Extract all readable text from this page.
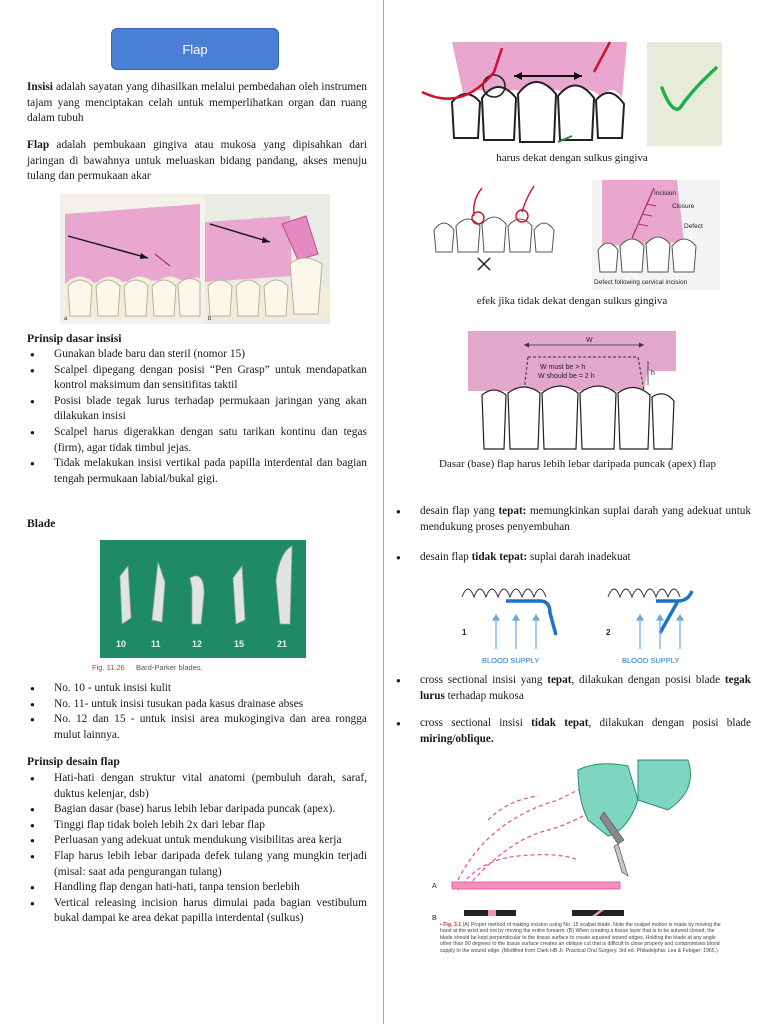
Flap
Insisi adalah sayatan yang dihasilkan melalui pembedahan oleh instrumen tajam yang menciptakan celah untuk memperlihatkan organ dan ruang dalam tubuh
Flap adalah pembukaan gingiva atau mukosa yang dipisahkan dari jaringan di bawahnya untuk meluaskan bidang pandang, akses menuju tulang dan permukaan akar
a	b
Prinsip dasar insisi
● Gunakan blade baru dan steril (nomor 15)
● Scalpel dipegang dengan posisi “Pen Grasp” untuk mendapatkan kontrol maksimum dan sensitifitas taktil
● Posisi blade tegak lurus terhadap permukaan jaringan yang akan dilakukan insisi
● Scalpel harus digerakkan dengan satu tarikan kontinu dan tegas (firm), agar tidak timbul jejas.
● Tidak melakukan insisi vertikal pada papilla interdental dan bagian tengah permukaan labial/bukal gigi.
Blade
10	11	12	15	21
Fig. 11.26 Bard-Parker blades.
● No. 10 - untuk insisi kulit
● No. 11- untuk insisi tusukan pada kasus drainase abses
● No. 12 dan 15 - untuk insisi area mukogingiva dan area rongga mulut lainnya.
Prinsip desain flap
● Hati-hati dengan struktur vital anatomi (pembuluh darah, saraf, duktus kelenjar, dsb)
● Bagian dasar (base) harus lebih lebar daripada puncak (apex).
● Tinggi flap tidak boleh lebih 2x dari lebar flap
● Perluasan yang adekuat untuk mendukung visibilitas area kerja
● Flap harus lebih lebar daripada defek tulang yang mungkin terjadi (misal: saat ada pengurangan tulang)
● Handling flap dengan hati-hati, tanpa tension berlebih
● Vertical releasing incision harus dimulai pada bagian vestibulum bukal dampai ke area dekat papilla interdental (sulkus)
harus dekat dengan sulkus gingiva
Incision
Closure
Defect
Defect following cervical incision
efek jika tidak dekat dengan sulkus gingiva
W
W must be > h
W should be = 2 h	h
Dasar (base) flap harus lebih lebar daripada puncak (apex) flap
● desain flap yang tepat: memungkinkan suplai darah yang adekuat untuk mendukung proses penyembuhan
● desain flap tidak tepat: suplai darah inadekuat
1	2
BLOOD SUPPLY	BLOOD SUPPLY
● cross sectional insisi yang tepat, dilakukan dengan posisi blade tegak lurus terhadap mukosa
● cross sectional insisi tidak tepat, dilakukan dengan posisi blade miring/oblique.
A
B
• Fig. 3.1 (A) Proper method of making incision using No. 15 scalpel blade. Note the scalpel motion is made by moving the hand at the wrist and not by moving the entire forearm. (B) When creating a tissue layer that is to be sutured closed, the blade should be kept perpendicular to the tissue surface to create squared wound edges. Holding the blade at any angle other than 90 degrees to the tissue surface creates an oblique cut that is difficult to close properly and compromises blood supply to the wound edge. (Modified from Clark HB Jr. Practical Oral Surgery. 3rd ed. Philadelphia: Lea & Febiger; 1965.)
